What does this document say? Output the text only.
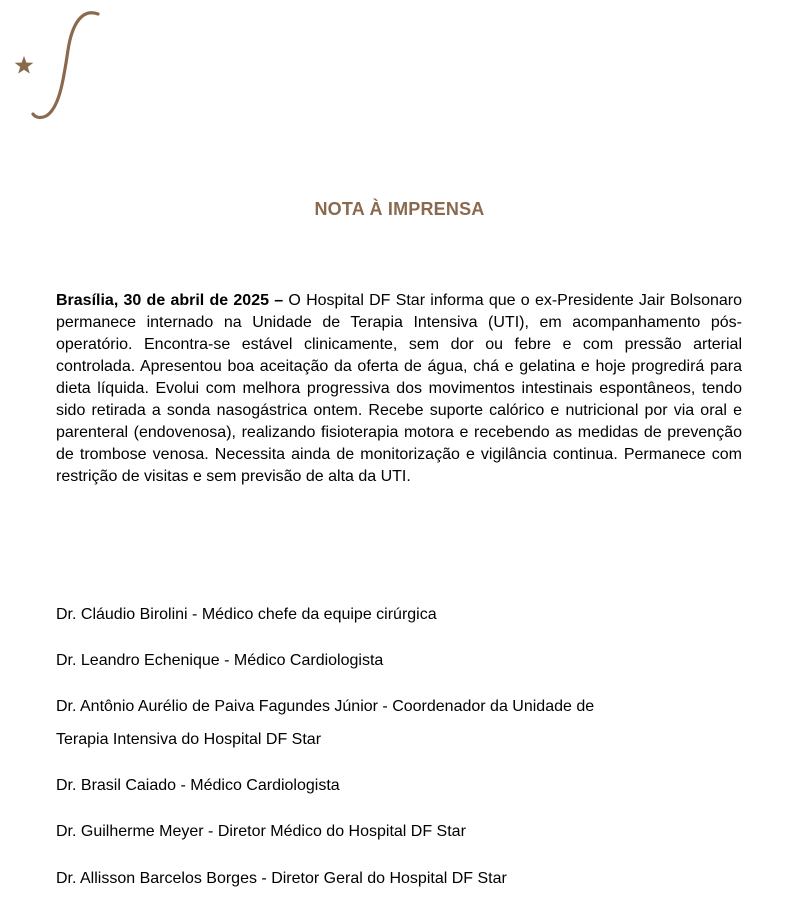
NOTA À IMPRENSA
Brasília, 30 de abril de 2025 – O Hospital DF Star informa que o ex-Presidente Jair Bolsonaro permanece internado na Unidade de Terapia Intensiva (UTI), em acompanhamento pós-operatório. Encontra-se estável clinicamente, sem dor ou febre e com pressão arterial controlada. Apresentou boa aceitação da oferta de água, chá e gelatina e hoje progredirá para dieta líquida. Evolui com melhora progressiva dos movimentos intestinais espontâneos, tendo sido retirada a sonda nasogástrica ontem. Recebe suporte calórico e nutricional por via oral e parenteral (endovenosa), realizando fisioterapia motora e recebendo as medidas de prevenção de trombose venosa. Necessita ainda de monitorização e vigilância continua. Permanece com restrição de visitas e sem previsão de alta da UTI.
Dr. Cláudio Birolini - Médico chefe da equipe cirúrgica
Dr. Leandro Echenique - Médico Cardiologista
Dr. Antônio Aurélio de Paiva Fagundes Júnior - Coordenador da Unidade de
Terapia Intensiva do Hospital DF Star
Dr. Brasil Caiado - Médico Cardiologista
Dr. Guilherme Meyer - Diretor Médico do Hospital DF Star
Dr. Allisson Barcelos Borges - Diretor Geral do Hospital DF Star
